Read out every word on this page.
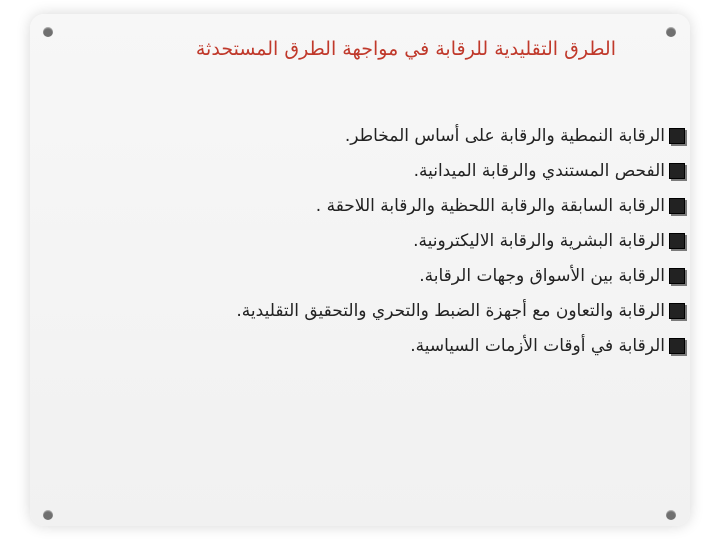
الطرق التقليدية للرقابة في مواجهة الطرق المستحدثة
الرقابة النمطية والرقابة على أساس المخاطر.
الفحص المستندي والرقابة الميدانية.
الرقابة السابقة والرقابة اللحظية والرقابة اللاحقة .
الرقابة البشرية والرقابة الاليكترونية.
الرقابة بين الأسواق وجهات الرقابة.
الرقابة والتعاون مع أجهزة الضبط والتحري والتحقيق التقليدية.
الرقابة في أوقات الأزمات السياسية.
